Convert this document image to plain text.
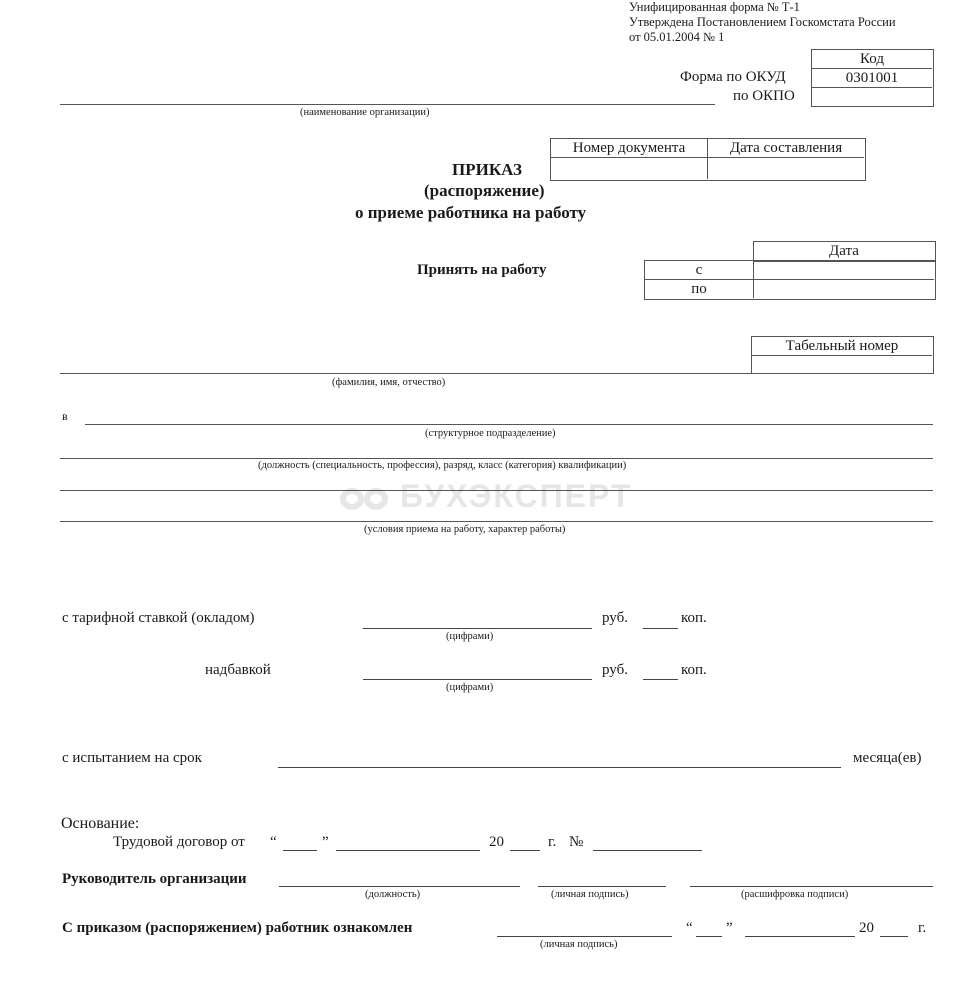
Унифицированная форма № Т-1
Утверждена Постановлением Госкомстата России
от 05.01.2004 № 1
Форма по ОКУД
по ОКПО
Код
0301001
(наименование организации)
Номер документа	Дата составления
ПРИКАЗ
(распоряжение)
о приеме работника на работу
Принять на работу
Дата
с
по
Табельный номер
(фамилия, имя, отчество)
в
(структурное подразделение)
БУХЭКСПЕРТ
(должность (специальность, профессия), разряд, класс (категория) квалификации)
(условия приема на работу, характер работы)
с тарифной ставкой (окладом)
(цифрами)
руб.	коп.
надбавкой
(цифрами)
руб.	коп.
с испытанием на срок	месяца(ев)
Основание:
Трудовой договор от “	”	20	г. №
Руководитель организации
(должность)	(личная подпись)	(расшифровка подписи)
С приказом (распоряжением) работник ознакомлен
(личная подпись)
“ ”	20	г.
